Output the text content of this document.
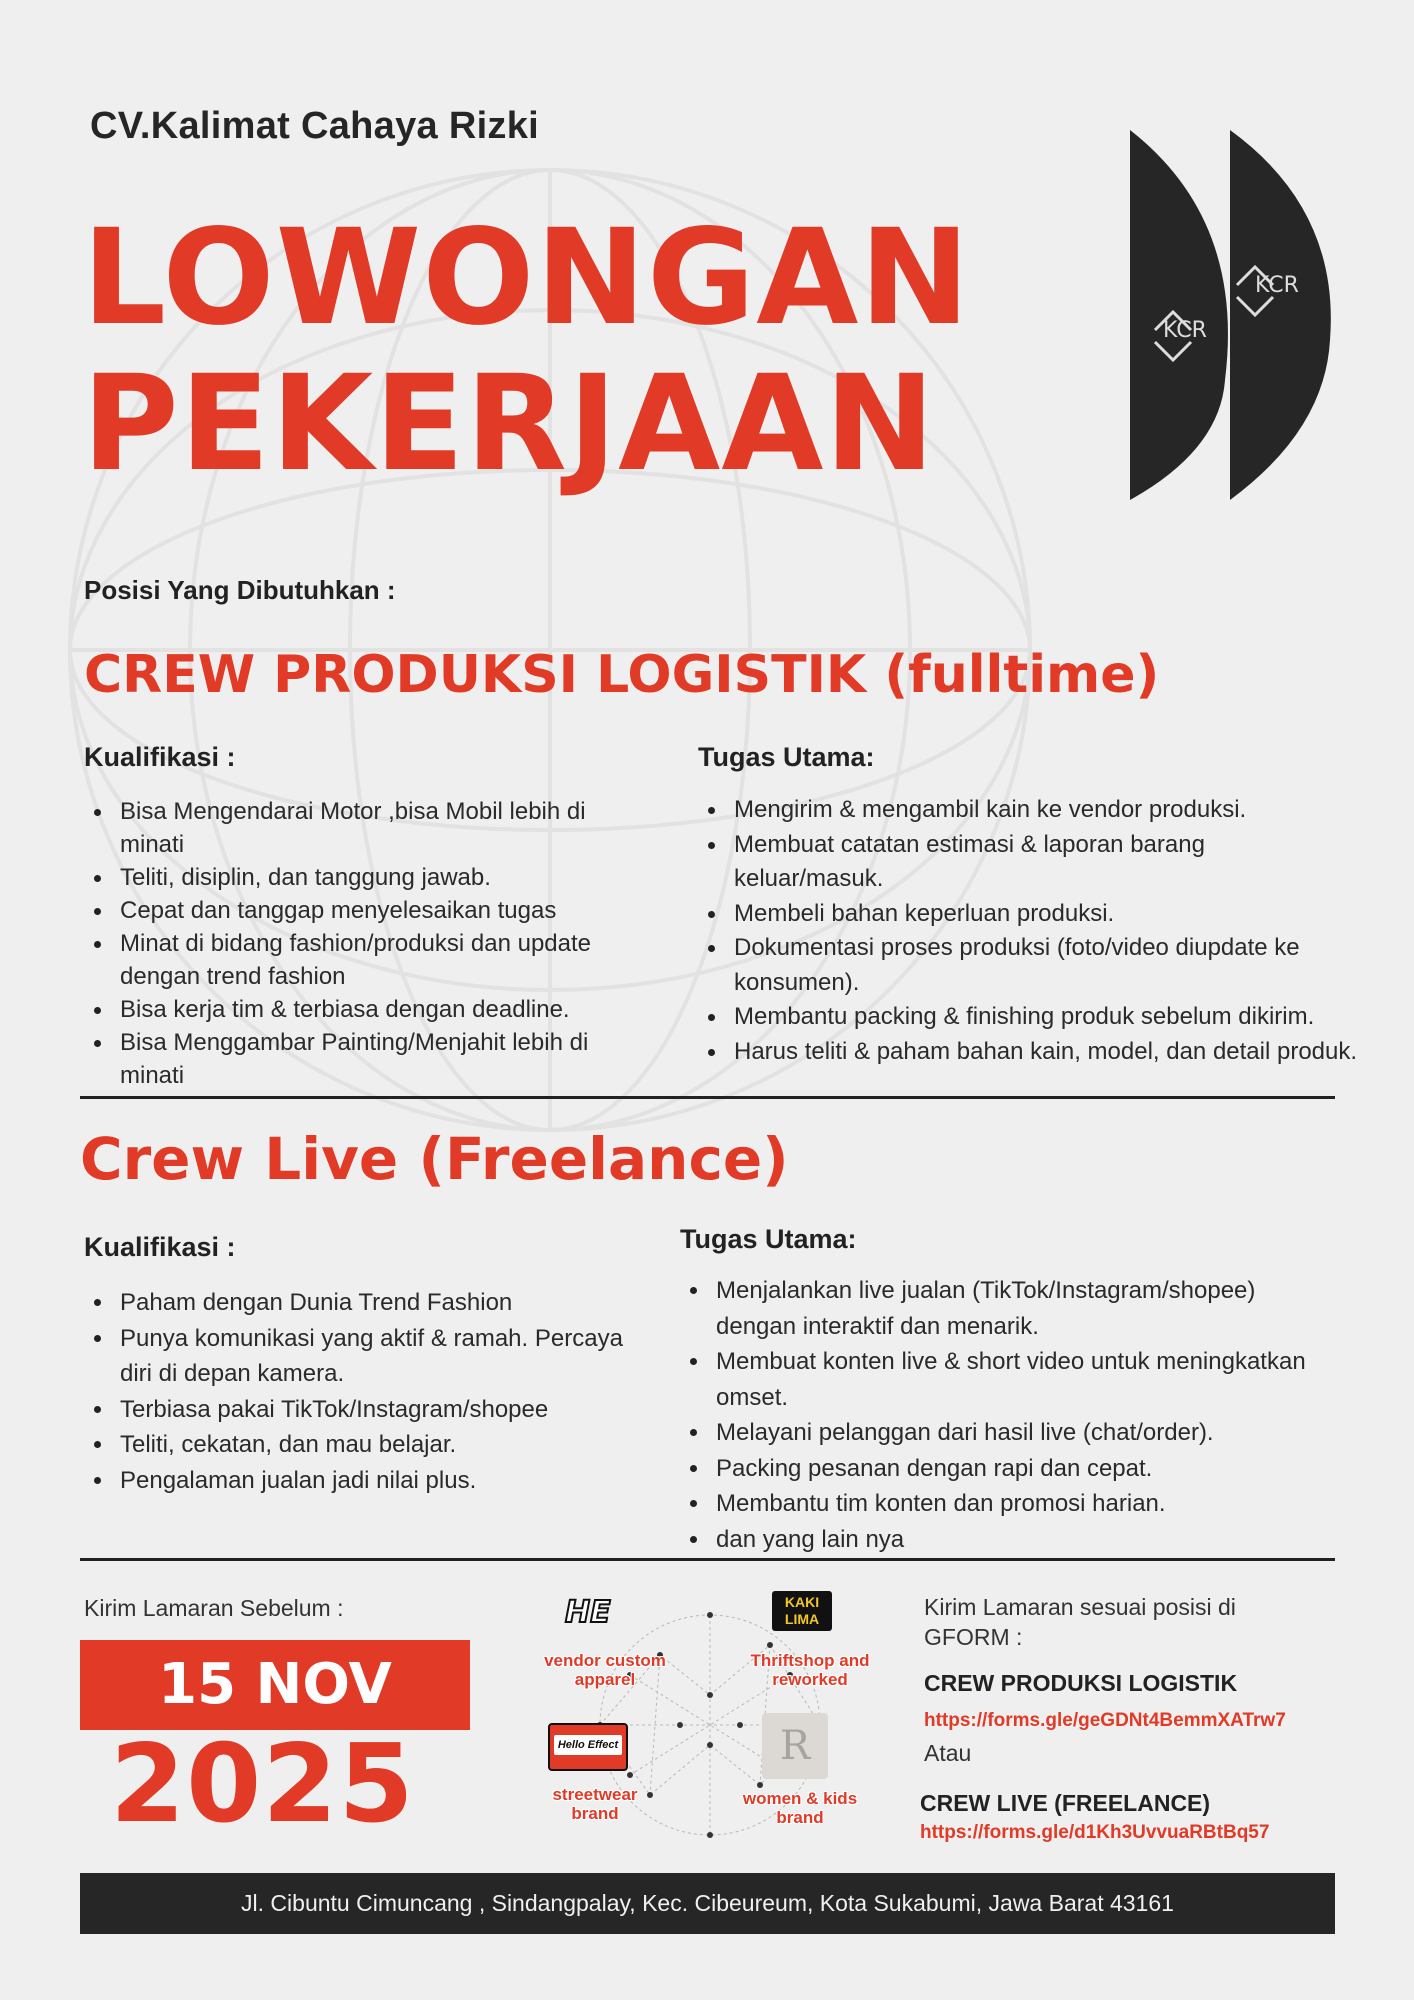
CV.Kalimat Cahaya Rizki
LOWONGAN
PEKERJAAN
KCR
KCR
Posisi Yang Dibutuhkan :
CREW PRODUKSI LOGISTIK (fulltime)
Kualifikasi :
Bisa Mengendarai Motor ,bisa Mobil lebih di minati
Teliti, disiplin, dan tanggung jawab.
Cepat dan tanggap menyelesaikan tugas
Minat di bidang fashion/produksi dan update dengan trend fashion
Bisa kerja tim & terbiasa dengan deadline.
Bisa Menggambar Painting/Menjahit lebih di minati
Tugas Utama:
Mengirim & mengambil kain ke vendor produksi.
Membuat catatan estimasi & laporan barang keluar/masuk.
Membeli bahan keperluan produksi.
Dokumentasi proses produksi (foto/video diupdate ke konsumen).
Membantu packing & finishing produk sebelum dikirim.
Harus teliti & paham bahan kain, model, dan detail produk.
Crew Live (Freelance)
Kualifikasi :
Paham dengan Dunia Trend Fashion
Punya komunikasi yang aktif & ramah. Percaya diri di depan kamera.
Terbiasa pakai TikTok/Instagram/shopee
Teliti, cekatan, dan mau belajar.
Pengalaman jualan jadi nilai plus.
Tugas Utama:
Menjalankan live jualan (TikTok/Instagram/shopee) dengan interaktif dan menarik.
Membuat konten live & short video untuk meningkatkan omset.
Melayani pelanggan dari hasil live (chat/order).
Packing pesanan dengan rapi dan cepat.
Membantu tim konten dan promosi harian.
dan yang lain nya
Kirim Lamaran Sebelum :
15 NOV
2025
HE
vendor custom apparel
KAKI LIMA
Thriftshop and reworked
Hello Effect
streetwear brand
R
women & kids brand
Kirim Lamaran sesuai posisi di GFORM :
CREW PRODUKSI LOGISTIK
https://forms.gle/geGDNt4BemmXATrw7
Atau
CREW LIVE (FREELANCE)
https://forms.gle/d1Kh3UvvuaRBtBq57
Jl. Cibuntu Cimuncang , Sindangpalay, Kec. Cibeureum, Kota Sukabumi, Jawa Barat 43161
